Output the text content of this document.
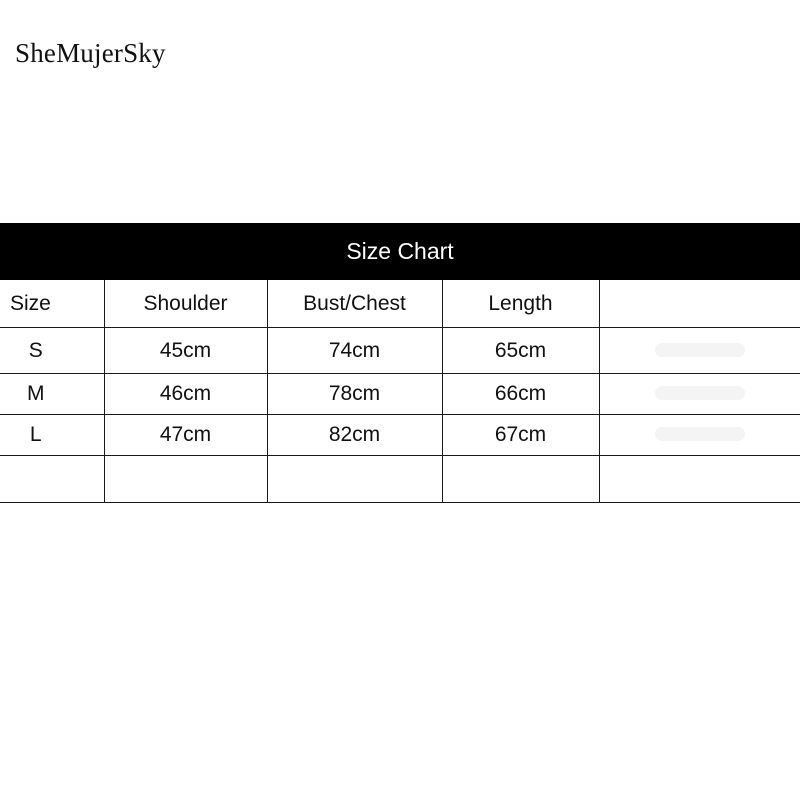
SheMujerSky
Size Chart
Size	Shoulder	Bust/Chest	Length	
S	45cm	74cm	65cm	
M	46cm	78cm	66cm	
L	47cm	82cm	67cm	
